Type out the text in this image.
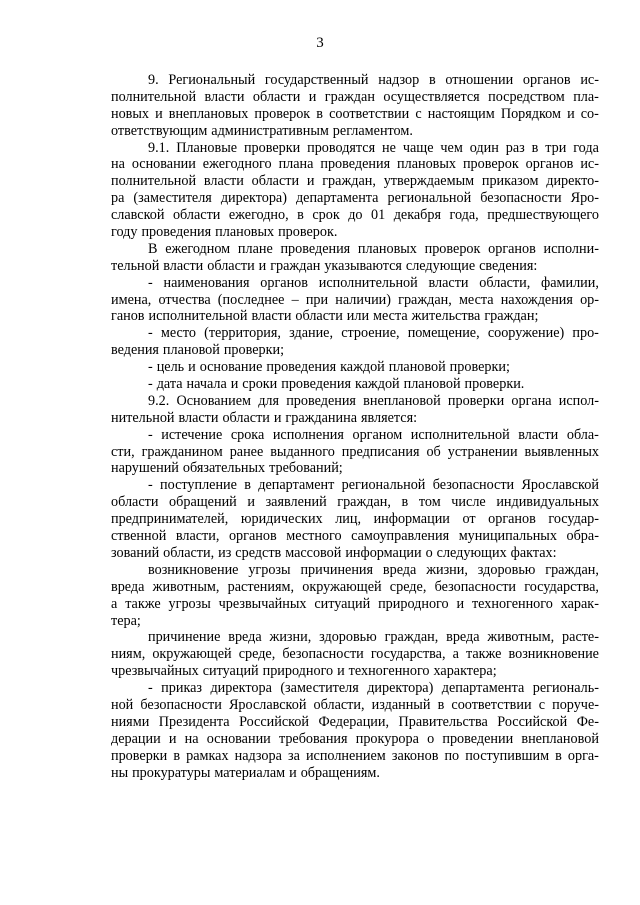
3
9. Региональный государственный надзор в отношении органов ис-
полнительной власти области и граждан осуществляется посредством пла-
новых и внеплановых проверок в соответствии с настоящим Порядком и со-
ответствующим административным регламентом.
9.1. Плановые проверки проводятся не чаще чем один раз в три года
на основании ежегодного плана проведения плановых проверок органов ис-
полнительной власти области и граждан, утверждаемым приказом директо-
ра (заместителя директора) департамента региональной безопасности Яро-
славской области ежегодно, в срок до 01 декабря года, предшествующего
году проведения плановых проверок.
В ежегодном плане проведения плановых проверок органов исполни-
тельной власти области и граждан указываются следующие сведения:
- наименования органов исполнительной власти области, фамилии,
имена, отчества (последнее – при наличии) граждан, места нахождения ор-
ганов исполнительной власти области или места жительства граждан;
- место (территория, здание, строение, помещение, сооружение) про-
ведения плановой проверки;
- цель и основание проведения каждой плановой проверки;
- дата начала и сроки проведения каждой плановой проверки.
9.2. Основанием для проведения внеплановой проверки органа испол-
нительной власти области и гражданина является:
- истечение срока исполнения органом исполнительной власти обла-
сти, гражданином ранее выданного предписания об устранении выявленных
нарушений обязательных требований;
- поступление в департамент региональной безопасности Ярославской
области обращений и заявлений граждан, в том числе индивидуальных
предпринимателей, юридических лиц, информации от органов государ-
ственной власти, органов местного самоуправления муниципальных обра-
зований области, из средств массовой информации о следующих фактах:
возникновение угрозы причинения вреда жизни, здоровью граждан,
вреда животным, растениям, окружающей среде, безопасности государства,
а также угрозы чрезвычайных ситуаций природного и техногенного харак-
тера;
причинение вреда жизни, здоровью граждан, вреда животным, расте-
ниям, окружающей среде, безопасности государства, а также возникновение
чрезвычайных ситуаций природного и техногенного характера;
- приказ директора (заместителя директора) департамента региональ-
ной безопасности Ярославской области, изданный в соответствии с поруче-
ниями Президента Российской Федерации, Правительства Российской Фе-
дерации и на основании требования прокурора о проведении внеплановой
проверки в рамках надзора за исполнением законов по поступившим в орга-
ны прокуратуры материалам и обращениям.
